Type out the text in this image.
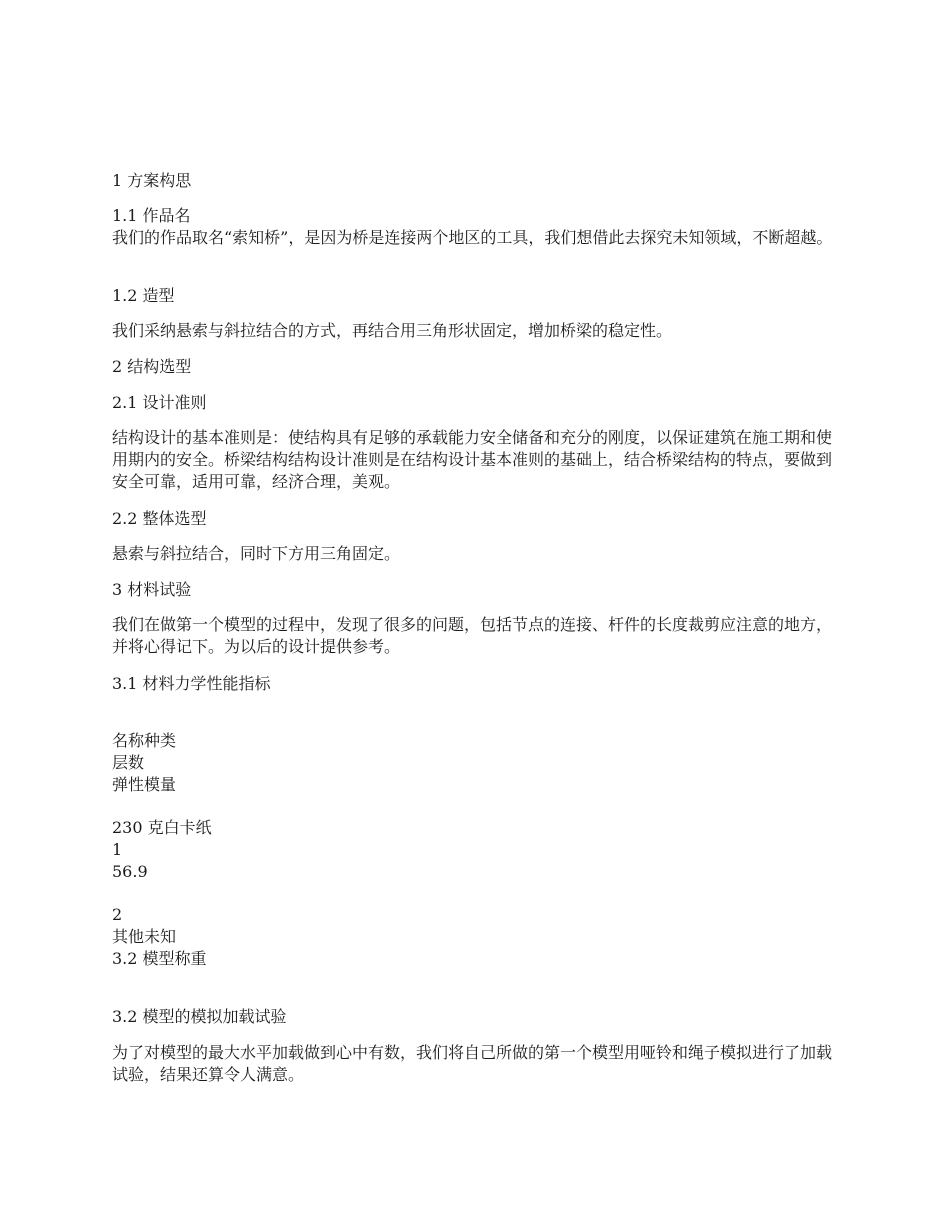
1 方案构思

1.1 作品名

我们的作品取名“索知桥”，是因为桥是连接两个地区的工具，我们想借此去探究未知领域，不断超越。

1.2 造型

我们采纳悬索与斜拉结合的方式，再结合用三角形状固定，增加桥梁的稳定性。

2 结构选型

2.1 设计准则

结构设计的基本准则是：使结构具有足够的承载能力安全储备和充分的刚度，以保证建筑在施工期和使用期内的安全。桥梁结构结构设计准则是在结构设计基本准则的基础上，结合桥梁结构的特点，要做到安全可靠，适用可靠，经济合理，美观。

2.2 整体选型

悬索与斜拉结合，同时下方用三角固定。

3 材料试验

我们在做第一个模型的过程中，发现了很多的问题，包括节点的连接、杆件的长度裁剪应注意的地方，并将心得记下。为以后的设计提供参考。

3.1 材料力学性能指标

名称种类
层数
弹性模量
230 克白卡纸
1
56.9
2
其他未知
3.2 模型称重

3.2 模型的模拟加载试验

为了对模型的最大水平加载做到心中有数，我们将自己所做的第一个模型用哑铃和绳子模拟进行了加载试验，结果还算令人满意。
